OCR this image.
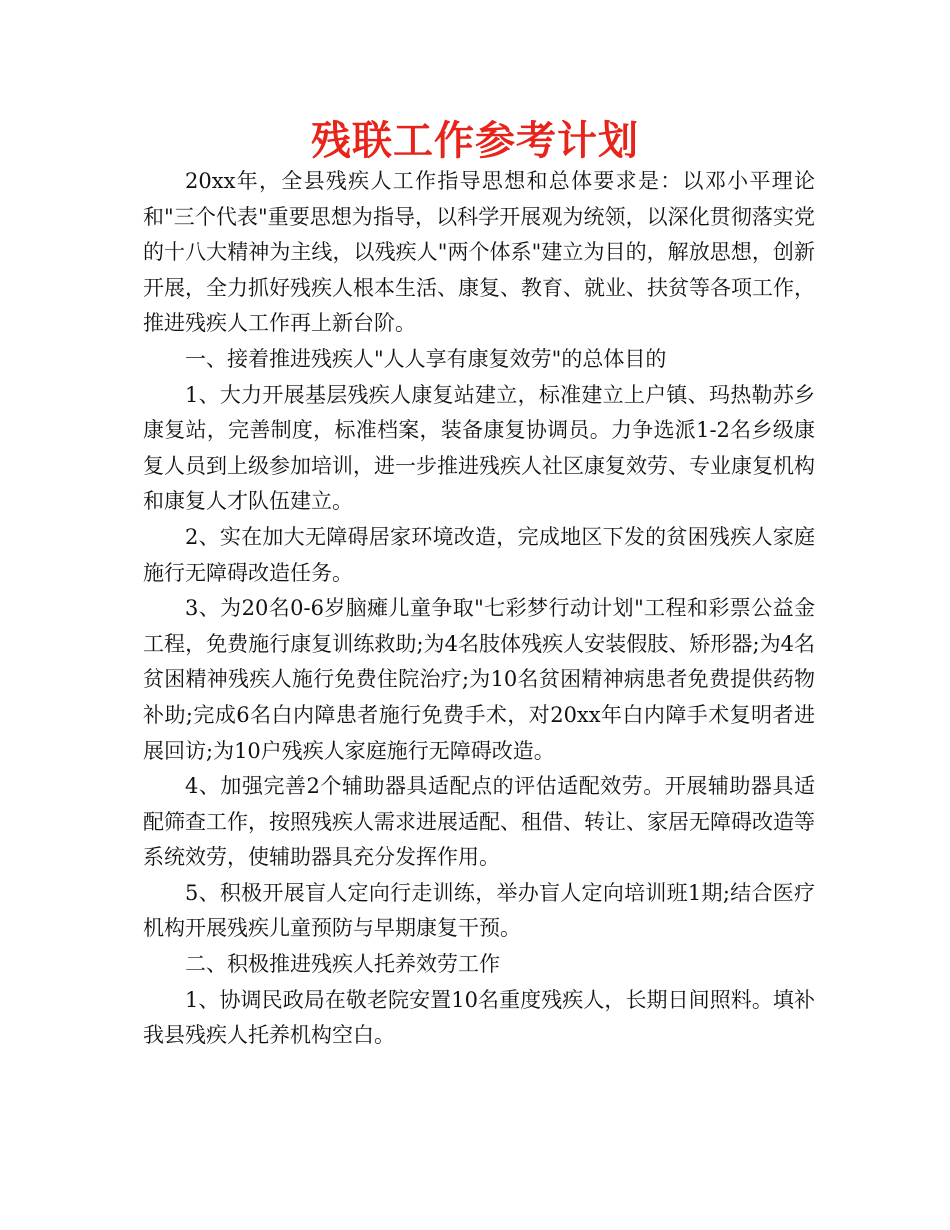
残联工作参考计划

20xx年，全县残疾人工作指导思想和总体要求是：以邓小平理论和"三个代表"重要思想为指导，以科学开展观为统领，以深化贯彻落实党的十八大精神为主线，以残疾人"两个体系"建立为目的，解放思想，创新开展，全力抓好残疾人根本生活、康复、教育、就业、扶贫等各项工作，推进残疾人工作再上新台阶。

一、接着推进残疾人"人人享有康复效劳"的总体目的

1、大力开展基层残疾人康复站建立，标准建立上户镇、玛热勒苏乡康复站，完善制度，标准档案，装备康复协调员。力争选派1-2名乡级康复人员到上级参加培训，进一步推进残疾人社区康复效劳、专业康复机构和康复人才队伍建立。

2、实在加大无障碍居家环境改造，完成地区下发的贫困残疾人家庭施行无障碍改造任务。

3、为20名0-6岁脑瘫儿童争取"七彩梦行动计划"工程和彩票公益金工程，免费施行康复训练救助;为4名肢体残疾人安装假肢、矫形器;为4名贫困精神残疾人施行免费住院治疗;为10名贫困精神病患者免费提供药物补助;完成6名白内障患者施行免费手术，对20xx年白内障手术复明者进展回访;为10户残疾人家庭施行无障碍改造。

4、加强完善2个辅助器具适配点的评估适配效劳。开展辅助器具适配筛查工作，按照残疾人需求进展适配、租借、转让、家居无障碍改造等系统效劳，使辅助器具充分发挥作用。

5、积极开展盲人定向行走训练，举办盲人定向培训班1期;结合医疗机构开展残疾儿童预防与早期康复干预。

二、积极推进残疾人托养效劳工作

1、协调民政局在敬老院安置10名重度残疾人，长期日间照料。填补我县残疾人托养机构空白。
